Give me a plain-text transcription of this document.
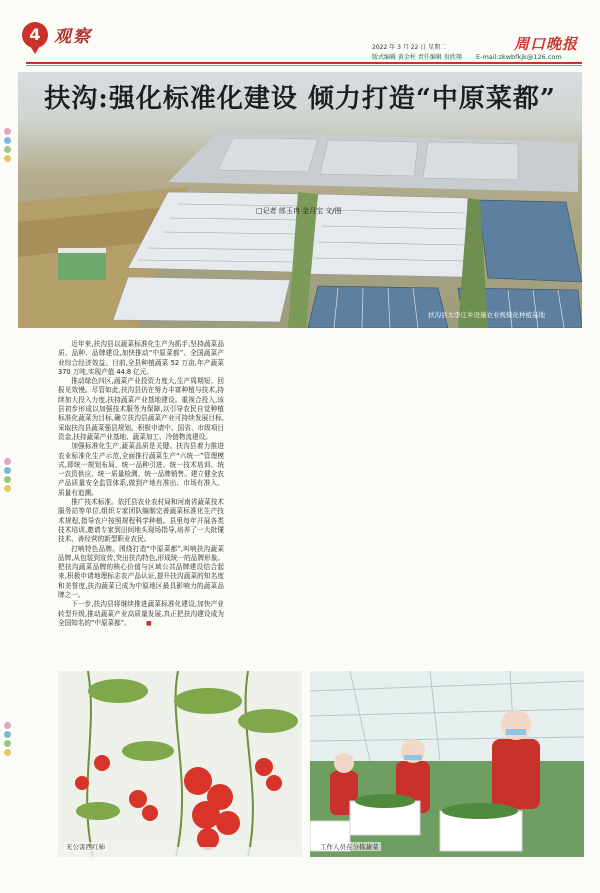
4 观察
2022 年 3 月 22 日 星期二
版式编辑 黄金柱 责任编辑 贵欣翔
周口晚报
E-mail:zkwbfkjk@126.com
扶沟:强化标准化建设 倾力打造“中原菜都”
□记者 郎玉冉 金月宝 文/图
扶沟县大李庄乡设施农业规模化种植基地

近年来,扶沟县以蔬菜标准化生产为抓手,坚持蔬菜品质、品种、品牌建设,加快推动“中原菜都”、全国蔬菜产业综合经济效益。目前,全县种植蔬菜 52 万亩,年产蔬菜 370 万吨,实现产值 44.8 亿元。

推动绿色四区,蔬菜产业投资力度大,生产周期短、回报见效慢。尽管如此,扶沟县仍在努力丰富种植与技术,持续加大投入力度,扶持蔬菜产业基地建设。重视合投入,该县初步形成以加强技术服务为保障,以引导农民自觉种植标准化蔬菜为目标,确立扶沟县蔬菜产业可持续发展目标,采取扶沟县蔬菜强县规划。积极申请中、国省、市级项目资金,扶持蔬菜产业基地、蔬菜加工、冷链物流建设。

加强标准化生产,蔬菜品质是关键。扶沟县着力推进农业标准化生产示范,全面推行蔬菜生产“六统一”管理模式,即统一规划布局、统一品种引进、统一技术培训、统一农资供应、统一质量检测、统一品牌销售。建立健全农产品质量安全监管体系,做到产地有准出、市场有准入、质量有追溯。

推广技术标准。依托县农业农村局和河南省蔬菜技术服务站等单位,组织专家团队编制完善蔬菜标准化生产技术规程,指导农户按照规程科学种植。县里每年开展各类技术培训,邀请专家到田间地头现场指导,培养了一大批懂技术、善经营的新型职业农民。

打响特色品牌。围绕打造“中原菜都”,叫响扶沟蔬菜品牌,从包装到宣传,突出扶沟特色,形成统一的品牌形象。把扶沟蔬菜品牌的核心价值与区域公共品牌建设结合起来,积极申请地理标志农产品认证,提升扶沟蔬菜的知名度和美誉度,扶沟蔬菜已成为中原地区最具影响力的蔬菜品牌之一。

下一步,扶沟县将继续推进蔬菜标准化建设,加快产业转型升级,推动蔬菜产业高质量发展,真正把扶沟建设成为全国知名的“中原菜都”。	■

无公害西红柿	工作人员在分拣蔬菜
